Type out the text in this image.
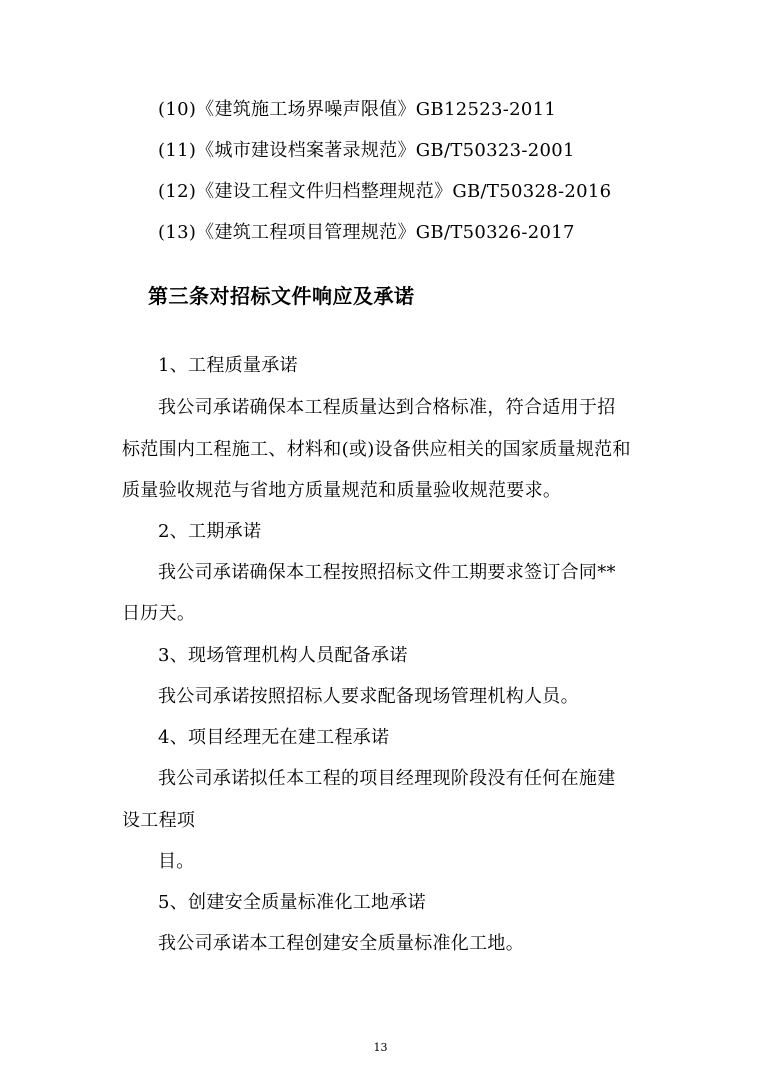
(10)《建筑施工场界噪声限值》GB12523-2011
(11)《城市建设档案著录规范》GB/T50323-2001
(12)《建设工程文件归档整理规范》GB/T50328-2016
(13)《建筑工程项目管理规范》GB/T50326-2017
第三条对招标文件响应及承诺
1、工程质量承诺
我公司承诺确保本工程质量达到合格标准，符合适用于招
标范围内工程施工、材料和(或)设备供应相关的国家质量规范和
质量验收规范与省地方质量规范和质量验收规范要求。
2、工期承诺
我公司承诺确保本工程按照招标文件工期要求签订合同**
日历天。
3、现场管理机构人员配备承诺
我公司承诺按照招标人要求配备现场管理机构人员。
4、项目经理无在建工程承诺
我公司承诺拟任本工程的项目经理现阶段没有任何在施建
设工程项
目。
5、创建安全质量标准化工地承诺
我公司承诺本工程创建安全质量标准化工地。
13
